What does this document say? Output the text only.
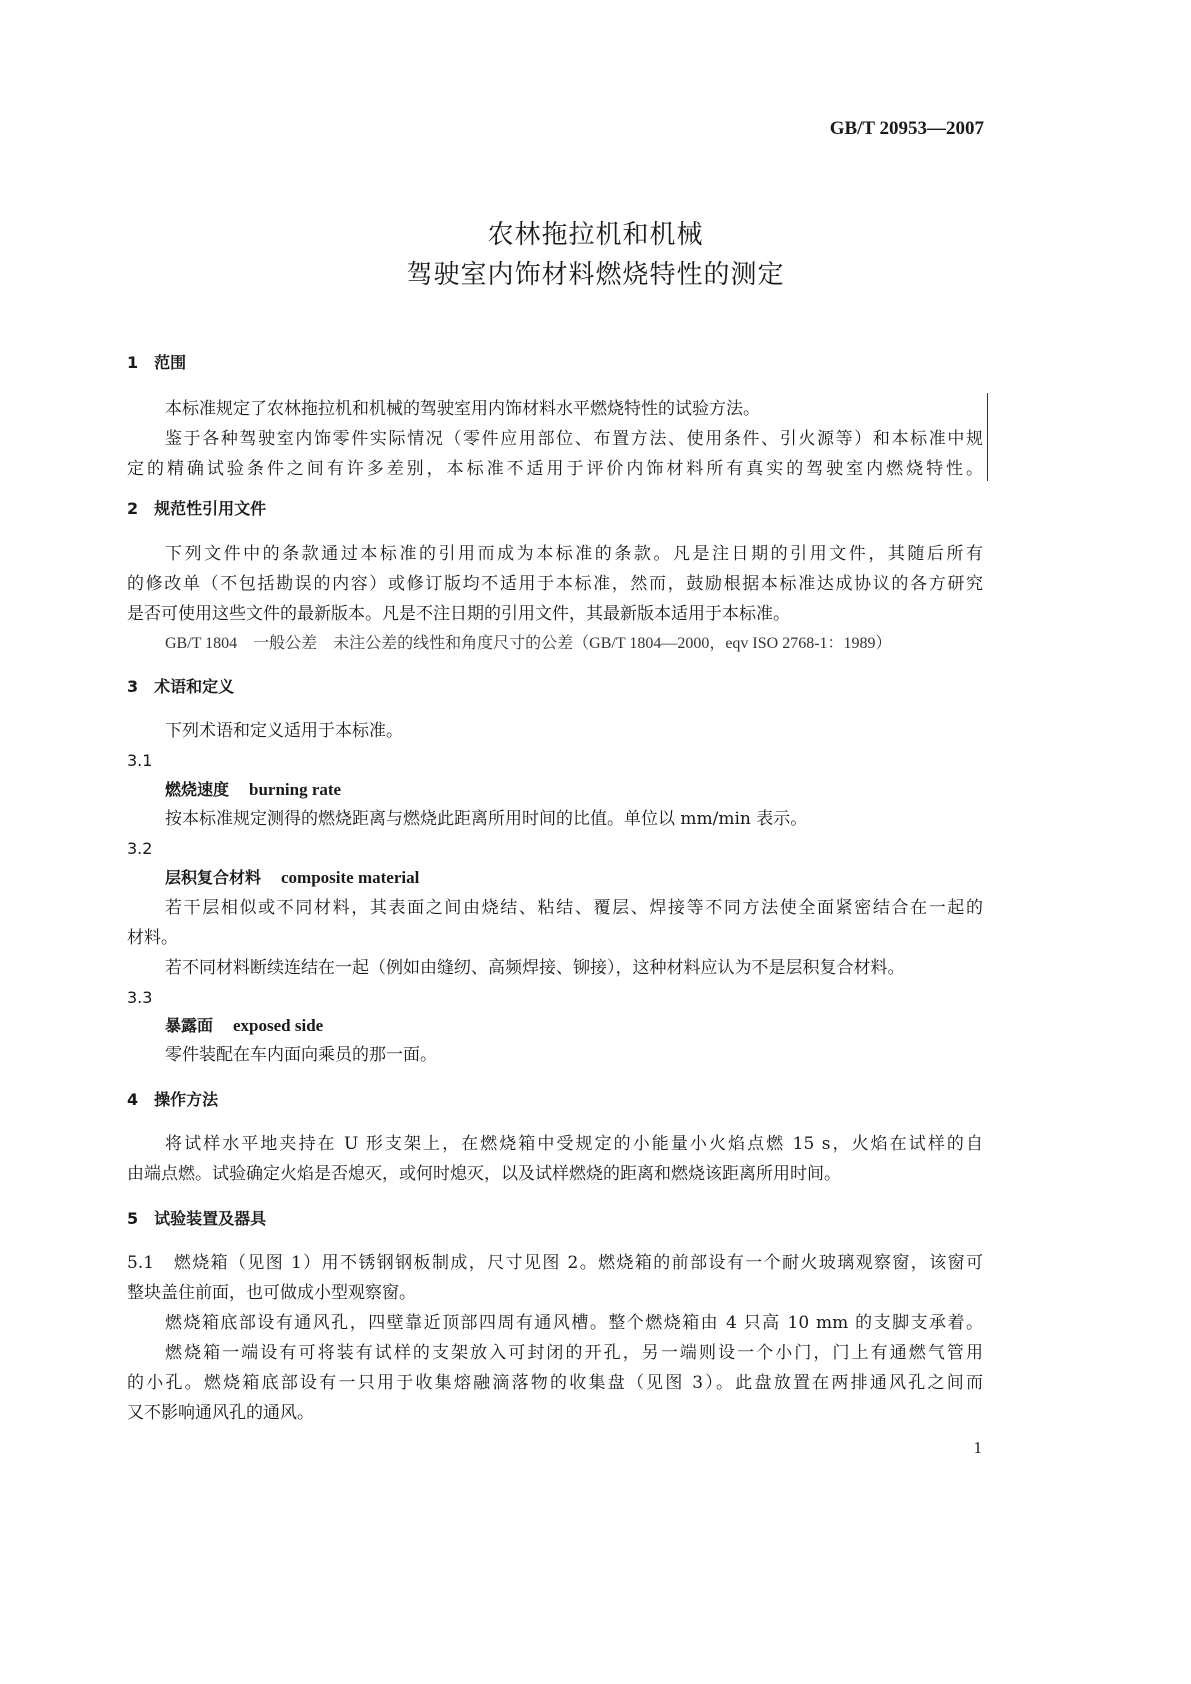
GB/T 20953—2007
农林拖拉机和机械
驾驶室内饰材料燃烧特性的测定
1　范围
本标准规定了农林拖拉机和机械的驾驶室用内饰材料水平燃烧特性的试验方法。
鉴于各种驾驶室内饰零件实际情况（零件应用部位、布置方法、使用条件、引火源等）和本标准中规
定的精确试验条件之间有许多差别，本标准不适用于评价内饰材料所有真实的驾驶室内燃烧特性。
2　规范性引用文件
下列文件中的条款通过本标准的引用而成为本标准的条款。凡是注日期的引用文件，其随后所有
的修改单（不包括勘误的内容）或修订版均不适用于本标准，然而，鼓励根据本标准达成协议的各方研究
是否可使用这些文件的最新版本。凡是不注日期的引用文件，其最新版本适用于本标准。
GB/T 1804　一般公差　未注公差的线性和角度尺寸的公差（GB/T 1804—2000，eqv ISO 2768-1：1989）
3　术语和定义
下列术语和定义适用于本标准。
3.1
燃烧速度 burning rate
按本标准规定测得的燃烧距离与燃烧此距离所用时间的比值。单位以 mm/min 表示。
3.2
层积复合材料 composite material
若干层相似或不同材料，其表面之间由烧结、粘结、覆层、焊接等不同方法使全面紧密结合在一起的
材料。
若不同材料断续连结在一起（例如由缝纫、高频焊接、铆接），这种材料应认为不是层积复合材料。
3.3
暴露面 exposed side
零件装配在车内面向乘员的那一面。
4　操作方法
将试样水平地夹持在 U 形支架上，在燃烧箱中受规定的小能量小火焰点燃 15 s，火焰在试样的自
由端点燃。试验确定火焰是否熄灭，或何时熄灭，以及试样燃烧的距离和燃烧该距离所用时间。
5　试验装置及器具
5.1　燃烧箱（见图 1）用不锈钢钢板制成，尺寸见图 2。燃烧箱的前部设有一个耐火玻璃观察窗，该窗可
整块盖住前面，也可做成小型观察窗。
燃烧箱底部设有通风孔，四壁靠近顶部四周有通风槽。整个燃烧箱由 4 只高 10 mm 的支脚支承着。
燃烧箱一端设有可将装有试样的支架放入可封闭的开孔，另一端则设一个小门，门上有通燃气管用
的小孔。燃烧箱底部设有一只用于收集熔融滴落物的收集盘（见图 3）。此盘放置在两排通风孔之间而
又不影响通风孔的通风。
1
